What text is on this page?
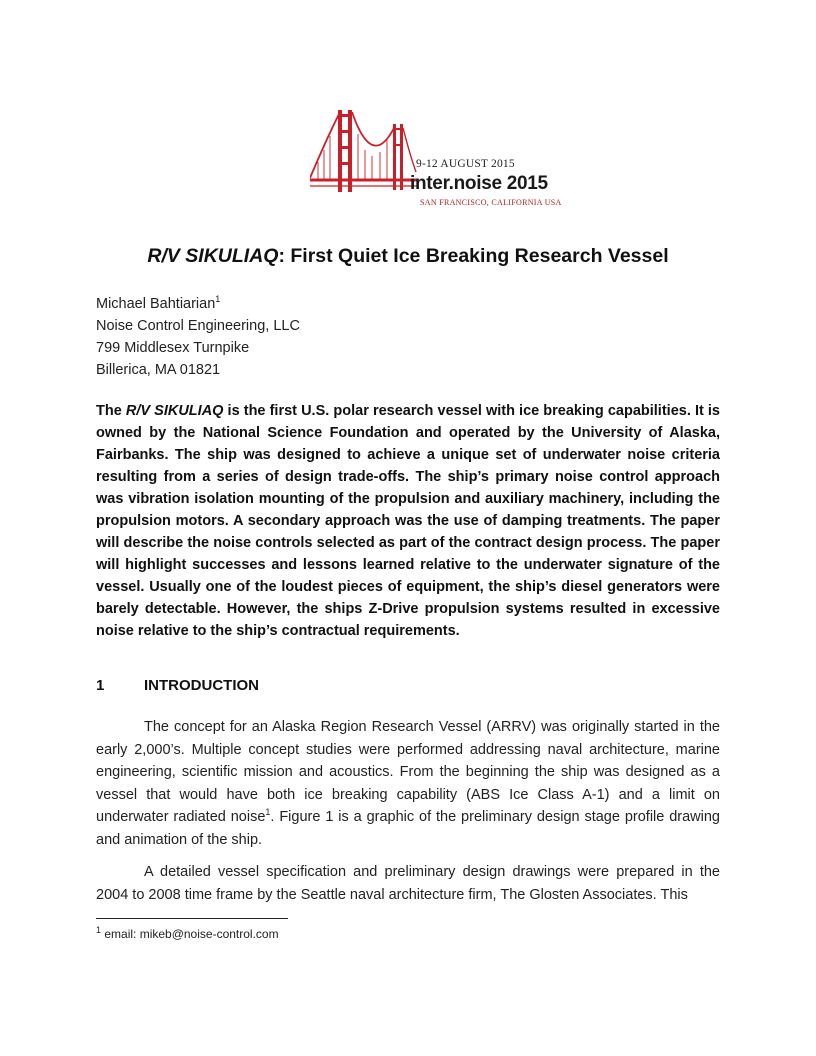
9-12 AUGUST 2015
inter.noise 2015
SAN FRANCISCO, CALIFORNIA USA
R/V SIKULIAQ: First Quiet Ice Breaking Research Vessel
Michael Bahtiarian$^1$
Noise Control Engineering, LLC
799 Middlesex Turnpike
Billerica, MA 01821
The R/V SIKULIAQ is the first U.S. polar research vessel with ice breaking capabilities. It is owned by the National Science Foundation and operated by the University of Alaska, Fairbanks. The ship was designed to achieve a unique set of underwater noise criteria resulting from a series of design trade-offs. The ship’s primary noise control approach was vibration isolation mounting of the propulsion and auxiliary machinery, including the propulsion motors. A secondary approach was the use of damping treatments. The paper will describe the noise controls selected as part of the contract design process. The paper will highlight successes and lessons learned relative to the underwater signature of the vessel. Usually one of the loudest pieces of equipment, the ship’s diesel generators were barely detectable. However, the ships Z-Drive propulsion systems resulted in excessive noise relative to the ship’s contractual requirements.
1	INTRODUCTION
The concept for an Alaska Region Research Vessel (ARRV) was originally started in the early 2,000’s. Multiple concept studies were performed addressing naval architecture, marine engineering, scientific mission and acoustics. From the beginning the ship was designed as a vessel that would have both ice breaking capability (ABS Ice Class A-1) and a limit on underwater radiated noise$^1$. Figure 1 is a graphic of the preliminary design stage profile drawing and animation of the ship.
A detailed vessel specification and preliminary design drawings were prepared in the 2004 to 2008 time frame by the Seattle naval architecture firm, The Glosten Associates. This
$^1$ email: mikeb@noise-control.com
